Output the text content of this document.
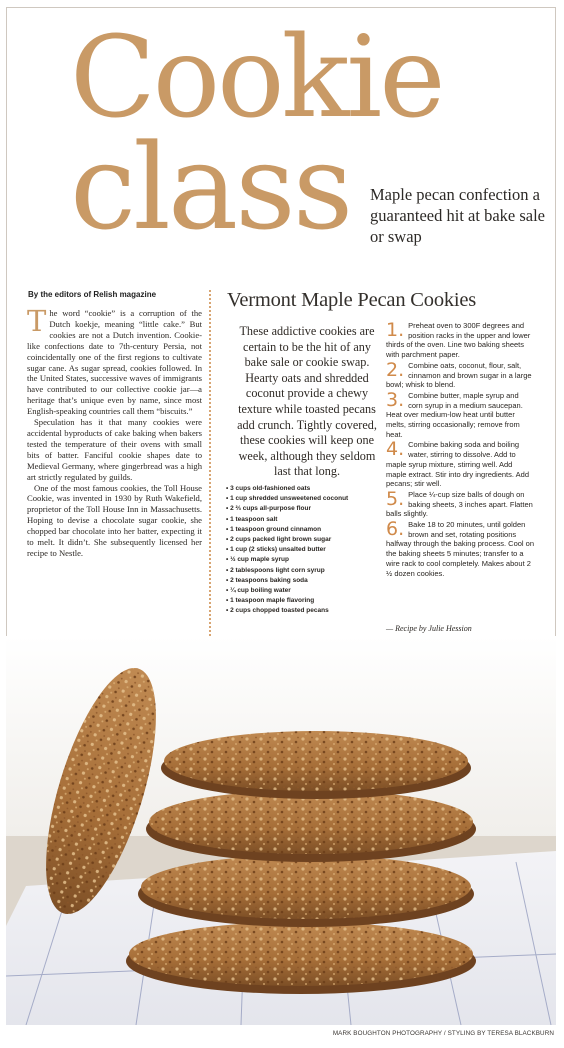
Cookie
class Maple pecan confection a guaranteed hit at bake sale or swap
By the editors of Relish magazine

The word “cookie” is a corruption of the Dutch koekje, meaning “little cake.” But cookies are not a Dutch invention. Cookie-like confections date to 7th-century Persia, not coincidentally one of the first regions to cultivate sugar cane. As sugar spread, cookies followed. In the United States, successive waves of immigrants have contributed to our collective cookie jar—a heritage that’s unique even by name, since most English-speaking countries call them “biscuits.”

Speculation has it that many cookies were accidental byproducts of cake baking when bakers tested the temperature of their ovens with small bits of batter. Fanciful cookie shapes date to Medieval Germany, where gingerbread was a high art strictly regulated by guilds.

One of the most famous cookies, the Toll House Cookie, was invented in 1930 by Ruth Wakefield, proprietor of the Toll House Inn in Massachusetts. Hoping to devise a chocolate sugar cookie, she chopped bar chocolate into her batter, expecting it to melt. It didn’t. She subsequently licensed her recipe to Nestle.

Vermont Maple Pecan Cookies
These addictive cookies are certain to be the hit of any bake sale or cookie swap. Hearty oats and shredded coconut provide a chewy texture while toasted pecans add crunch. Tightly covered, these cookies will keep one week, although they seldom last that long.
• 3 cups old-fashioned oats
• 1 cup shredded unsweetened coconut
• 2 ⅔ cups all-purpose flour
• 1 teaspoon salt
• 1 teaspoon ground cinnamon
• 2 cups packed light brown sugar
• 1 cup (2 sticks) unsalted butter
• ½ cup maple syrup
• 2 tablespoons light corn syrup
• 2 teaspoons baking soda
• ¼ cup boiling water
• 1 teaspoon maple flavoring
• 2 cups chopped toasted pecans
1. Preheat oven to 300F degrees and position racks in the upper and lower thirds of the oven. Line two baking sheets with parchment paper.
2. Combine oats, coconut, flour, salt, cinnamon and brown sugar in a large bowl; whisk to blend.
3. Combine butter, maple syrup and corn syrup in a medium saucepan. Heat over medium-low heat until butter melts, stirring occasionally; remove from heat.
4. Combine baking soda and boiling water, stirring to dissolve. Add to maple syrup mixture, stirring well. Add maple extract. Stir into dry ingredients. Add pecans; stir well.
5. Place ¼-cup size balls of dough on baking sheets, 3 inches apart. Flatten balls slightly.
6. Bake 18 to 20 minutes, until golden brown and set, rotating positions halfway through the baking process. Cool on the baking sheets 5 minutes; transfer to a wire rack to cool completely. Makes about 2 ½ dozen cookies.
— Recipe by Julie Hession
MARK BOUGHTON PHOTOGRAPHY / STYLING BY TERESA BLACKBURN
